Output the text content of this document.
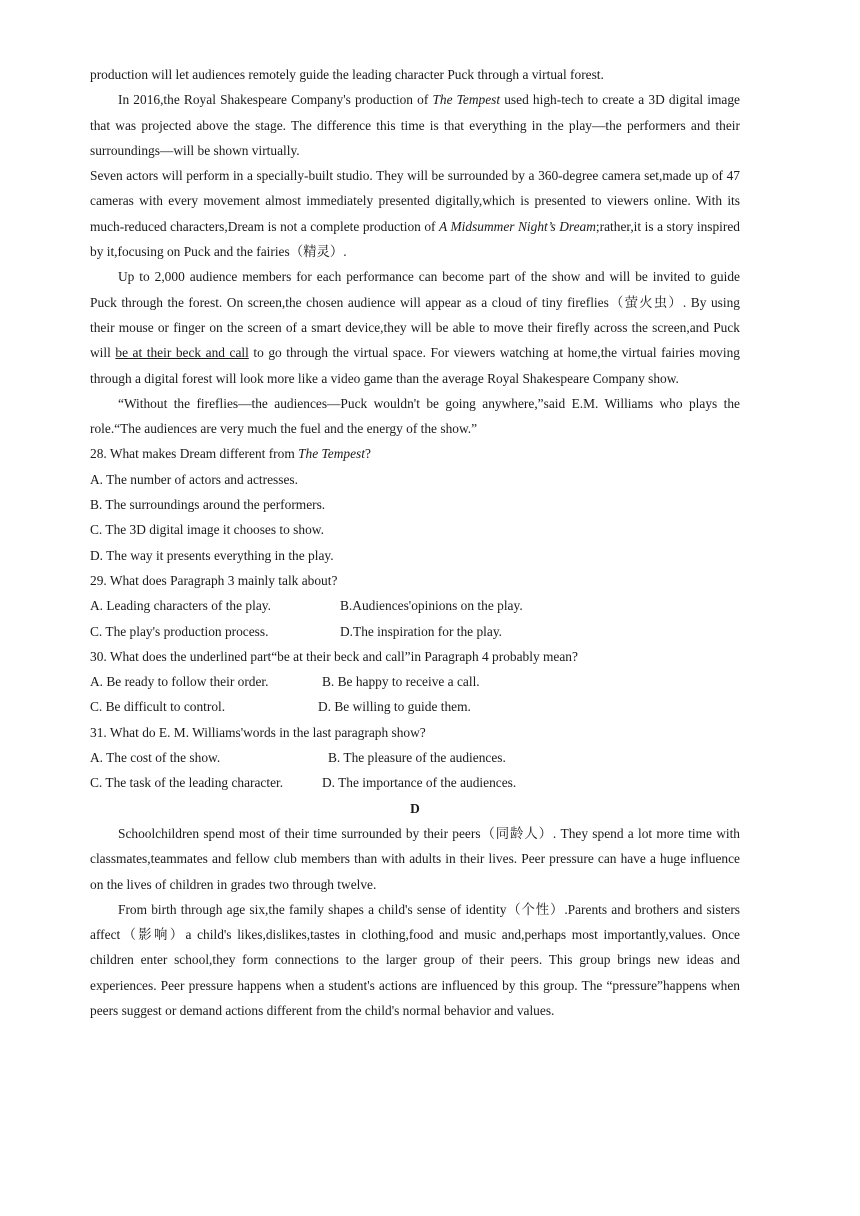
production will let audiences remotely guide the leading character Puck through a virtual forest.

In 2016,the Royal Shakespeare Company's production of The Tempest used high-tech to create a 3D digital image that was projected above the stage. The difference this time is that everything in the play—the performers and their surroundings—will be shown virtually.

Seven actors will perform in a specially-built studio. They will be surrounded by a 360-degree camera set,made up of 47 cameras with every movement almost immediately presented digitally,which is presented to viewers online. With its much-reduced characters,Dream is not a complete production of A Midsummer Night’s Dream;rather,it is a story inspired by it,focusing on Puck and the fairies（精灵）.

Up to 2,000 audience members for each performance can become part of the show and will be invited to guide Puck through the forest. On screen,the chosen audience will appear as a cloud of tiny fireflies（萤火虫）. By using their mouse or finger on the screen of a smart device,they will be able to move their firefly across the screen,and Puck will be at their beck and call to go through the virtual space. For viewers watching at home,the virtual fairies moving through a digital forest will look more like a video game than the average Royal Shakespeare Company show.

“Without the fireflies—the audiences—Puck wouldn't be going anywhere,”said E.M. Williams who plays the role.“The audiences are very much the fuel and the energy of the show.”

28. What makes Dream different from The Tempest?

A. The number of actors and actresses.

B. The surroundings around the performers.

C. The 3D digital image it chooses to show.

D. The way it presents everything in the play.

29. What does Paragraph 3 mainly talk about?

A. Leading characters of the play.	B.Audiences'opinions on the play.
C. The play's production process.	D.The inspiration for the play.

30. What does the underlined part“be at their beck and call”in Paragraph 4 probably mean?

A. Be ready to follow their order.	B. Be happy to receive a call.
C. Be difficult to control.	D. Be willing to guide them.

31. What do E. M. Williams'words in the last paragraph show?

A. The cost of the show.	B. The pleasure of the audiences.
C. The task of the leading character.	D. The importance of the audiences.

D

Schoolchildren spend most of their time surrounded by their peers（同龄人）. They spend a lot more time with classmates,teammates and fellow club members than with adults in their lives. Peer pressure can have a huge influence on the lives of children in grades two through twelve.

From birth through age six,the family shapes a child's sense of identity（个性）.Parents and brothers and sisters affect（影响）a child's likes,dislikes,tastes in clothing,food and music and,perhaps most importantly,values. Once children enter school,they form connections to the larger group of their peers. This group brings new ideas and experiences. Peer pressure happens when a student's actions are influenced by this group. The “pressure”happens when peers suggest or demand actions different from the child's normal behavior and values.
